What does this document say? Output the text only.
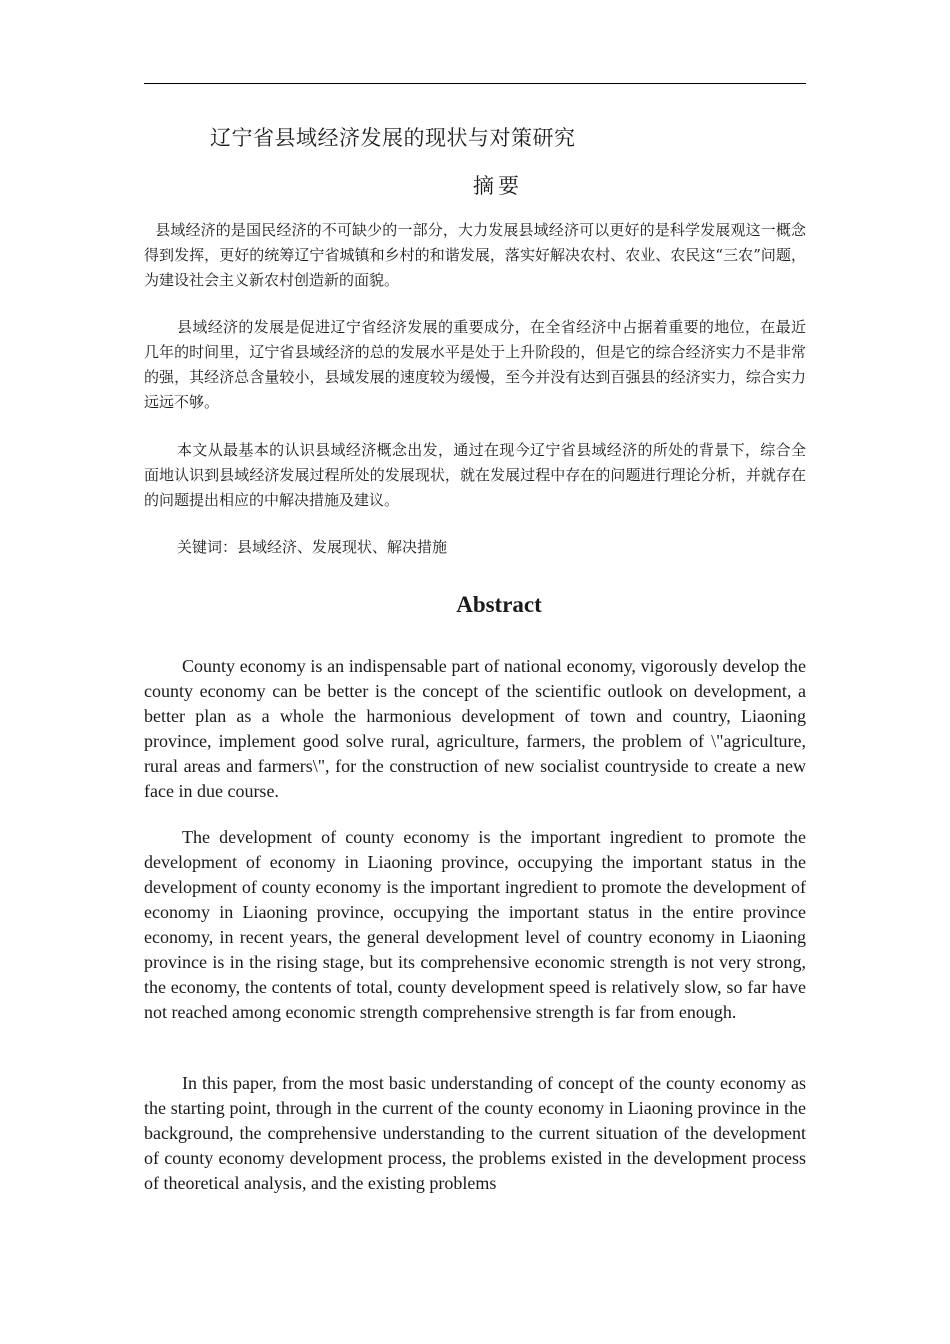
辽宁省县域经济发展的现状与对策研究
摘要

县域经济的是国民经济的不可缺少的一部分，大力发展县域经济可以更好的是科学发展观这一概念得到发挥，更好的统筹辽宁省城镇和乡村的和谐发展，落实好解决农村、农业、农民这“三农”问题，为建设社会主义新农村创造新的面貌。

县域经济的发展是促进辽宁省经济发展的重要成分，在全省经济中占据着重要的地位，在最近几年的时间里，辽宁省县域经济的总的发展水平是处于上升阶段的，但是它的综合经济实力不是非常的强，其经济总含量较小，县域发展的速度较为缓慢，至今并没有达到百强县的经济实力，综合实力远远不够。

本文从最基本的认识县域经济概念出发，通过在现今辽宁省县域经济的所处的背景下，综合全面地认识到县域经济发展过程所处的发展现状，就在发展过程中存在的问题进行理论分析，并就存在的问题提出相应的中解决措施及建议。

关键词：县域经济、发展现状、解决措施

Abstract

County economy is an indispensable part of national economy, vigorously develop the county economy can be better is the concept of the scientific outlook on development, a better plan as a whole the harmonious development of town and country, Liaoning province, implement good solve rural, agriculture, farmers, the problem of \"agriculture, rural areas and farmers\", for the construction of new socialist countryside to create a new face in due course.

The development of county economy is the important ingredient to promote the development of economy in Liaoning province, occupying the important status in the development of county economy is the important ingredient to promote the development of economy in Liaoning province, occupying the important status in the entire province economy, in recent years, the general development level of country economy in Liaoning province is in the rising stage, but its comprehensive economic strength is not very strong, the economy, the contents of total, county development speed is relatively slow, so far have not reached among economic strength comprehensive strength is far from enough.

In this paper, from the most basic understanding of concept of the county economy as the starting point, through in the current of the county economy in Liaoning province in the background, the comprehensive understanding to the current situation of the development of county economy development process, the problems existed in the development process of theoretical analysis, and the existing problems
